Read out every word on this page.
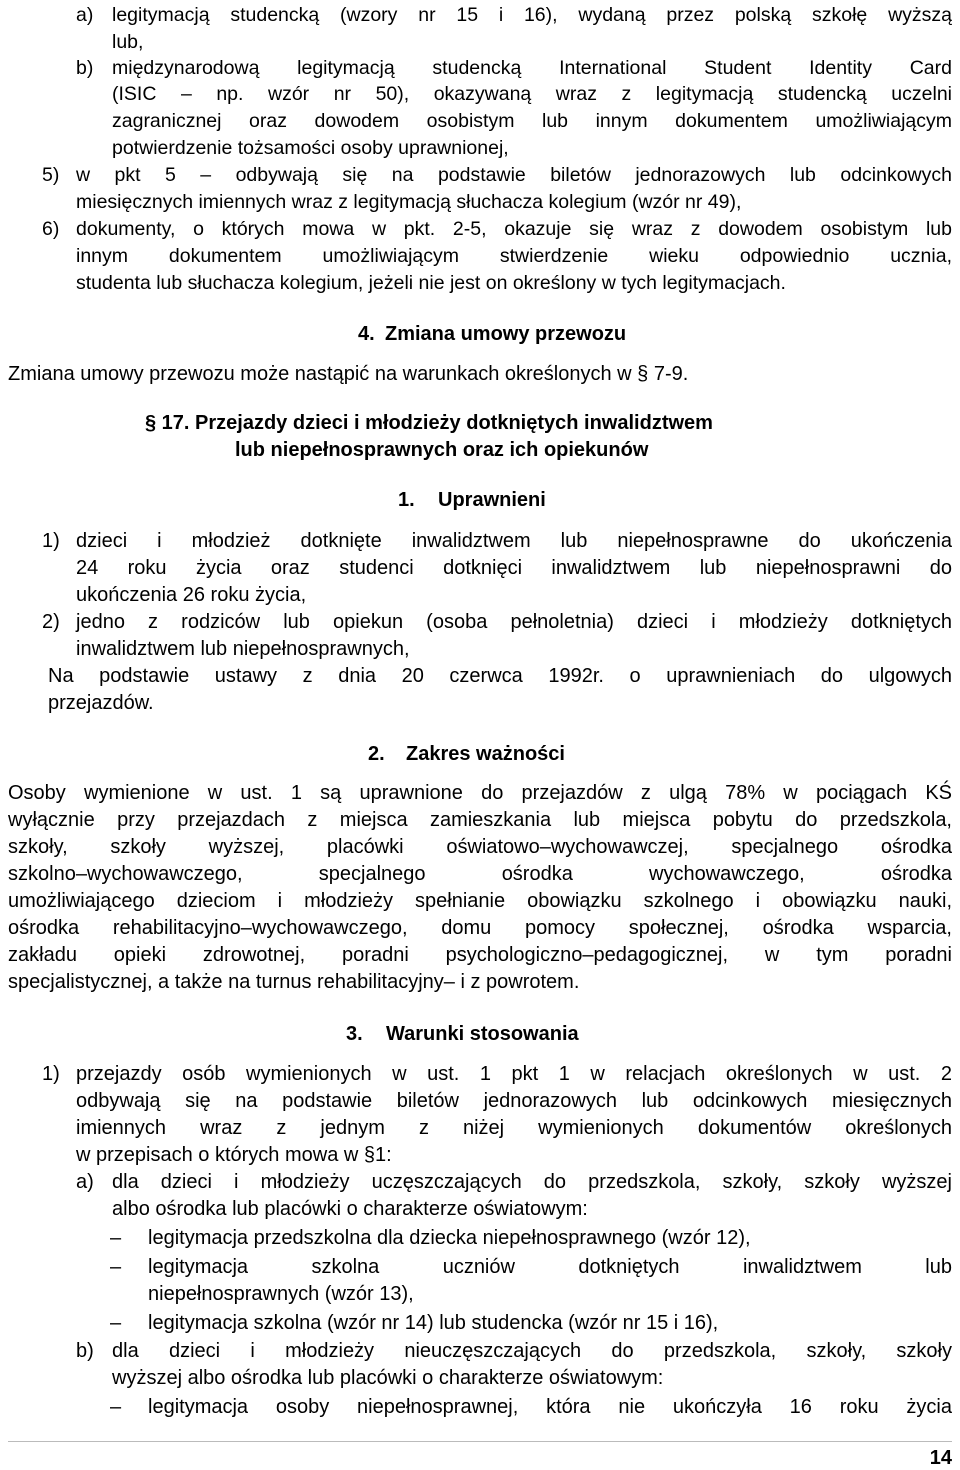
a) legitymacją studencką (wzory nr 15 i 16), wydaną przez polską szkołę wyższą
lub,
b) międzynarodową legitymacją studencką International Student Identity Card
(ISIC – np. wzór nr 50), okazywaną wraz z legitymacją studencką uczelni
zagranicznej oraz dowodem osobistym lub innym dokumentem umożliwiającym
potwierdzenie tożsamości osoby uprawnionej,
5) w pkt 5 – odbywają się na podstawie biletów jednorazowych lub odcinkowych
miesięcznych imiennych wraz z legitymacją słuchacza kolegium (wzór nr 49),
6) dokumenty, o których mowa w pkt. 2-5, okazuje się wraz z dowodem osobistym lub
innym dokumentem umożliwiającym stwierdzenie wieku odpowiednio ucznia,
studenta lub słuchacza kolegium, jeżeli nie jest on określony w tych legitymacjach.
4. Zmiana umowy przewozu
Zmiana umowy przewozu może nastąpić na warunkach określonych w § 7-9.
§ 17. Przejazdy dzieci i młodzieży dotkniętych inwalidztwem
lub niepełnosprawnych oraz ich opiekunów
1. Uprawnieni
1) dzieci i młodzież dotknięte inwalidztwem lub niepełnosprawne do ukończenia
24 roku życia oraz studenci dotknięci inwalidztwem lub niepełnosprawni do
ukończenia 26 roku życia,
2) jedno z rodziców lub opiekun (osoba pełnoletnia) dzieci i młodzieży dotkniętych
inwalidztwem lub niepełnosprawnych,
Na podstawie ustawy z dnia 20 czerwca 1992r. o uprawnieniach do ulgowych
przejazdów.
2. Zakres ważności
Osoby wymienione w ust. 1 są uprawnione do przejazdów z ulgą 78% w pociągach KŚ
wyłącznie przy przejazdach z miejsca zamieszkania lub miejsca pobytu do przedszkola,
szkoły, szkoły wyższej, placówki oświatowo–wychowawczej, specjalnego ośrodka
szkolno–wychowawczego, specjalnego ośrodka wychowawczego, ośrodka
umożliwiającego dzieciom i młodzieży spełnianie obowiązku szkolnego i obowiązku nauki,
ośrodka rehabilitacyjno–wychowawczego, domu pomocy społecznej, ośrodka wsparcia,
zakładu opieki zdrowotnej, poradni psychologiczno–pedagogicznej, w tym poradni
specjalistycznej, a także na turnus rehabilitacyjny– i z powrotem.
3. Warunki stosowania
1) przejazdy osób wymienionych w ust. 1 pkt 1 w relacjach określonych w ust. 2
odbywają się na podstawie biletów jednorazowych lub odcinkowych miesięcznych
imiennych wraz z jednym z niżej wymienionych dokumentów określonych
w przepisach o których mowa w §1:
a) dla dzieci i młodzieży uczęszczających do przedszkola, szkoły, szkoły wyższej
albo ośrodka lub placówki o charakterze oświatowym:
– legitymacja przedszkolna dla dziecka niepełnosprawnego (wzór 12),
– legitymacja szkolna uczniów dotkniętych inwalidztwem lub
niepełnosprawnych (wzór 13),
– legitymacja szkolna (wzór nr 14) lub studencka (wzór nr 15 i 16),
b) dla dzieci i młodzieży nieuczęszczających do przedszkola, szkoły, szkoły
wyższej albo ośrodka lub placówki o charakterze oświatowym:
– legitymacja osoby niepełnosprawnej, która nie ukończyła 16 roku życia
14
